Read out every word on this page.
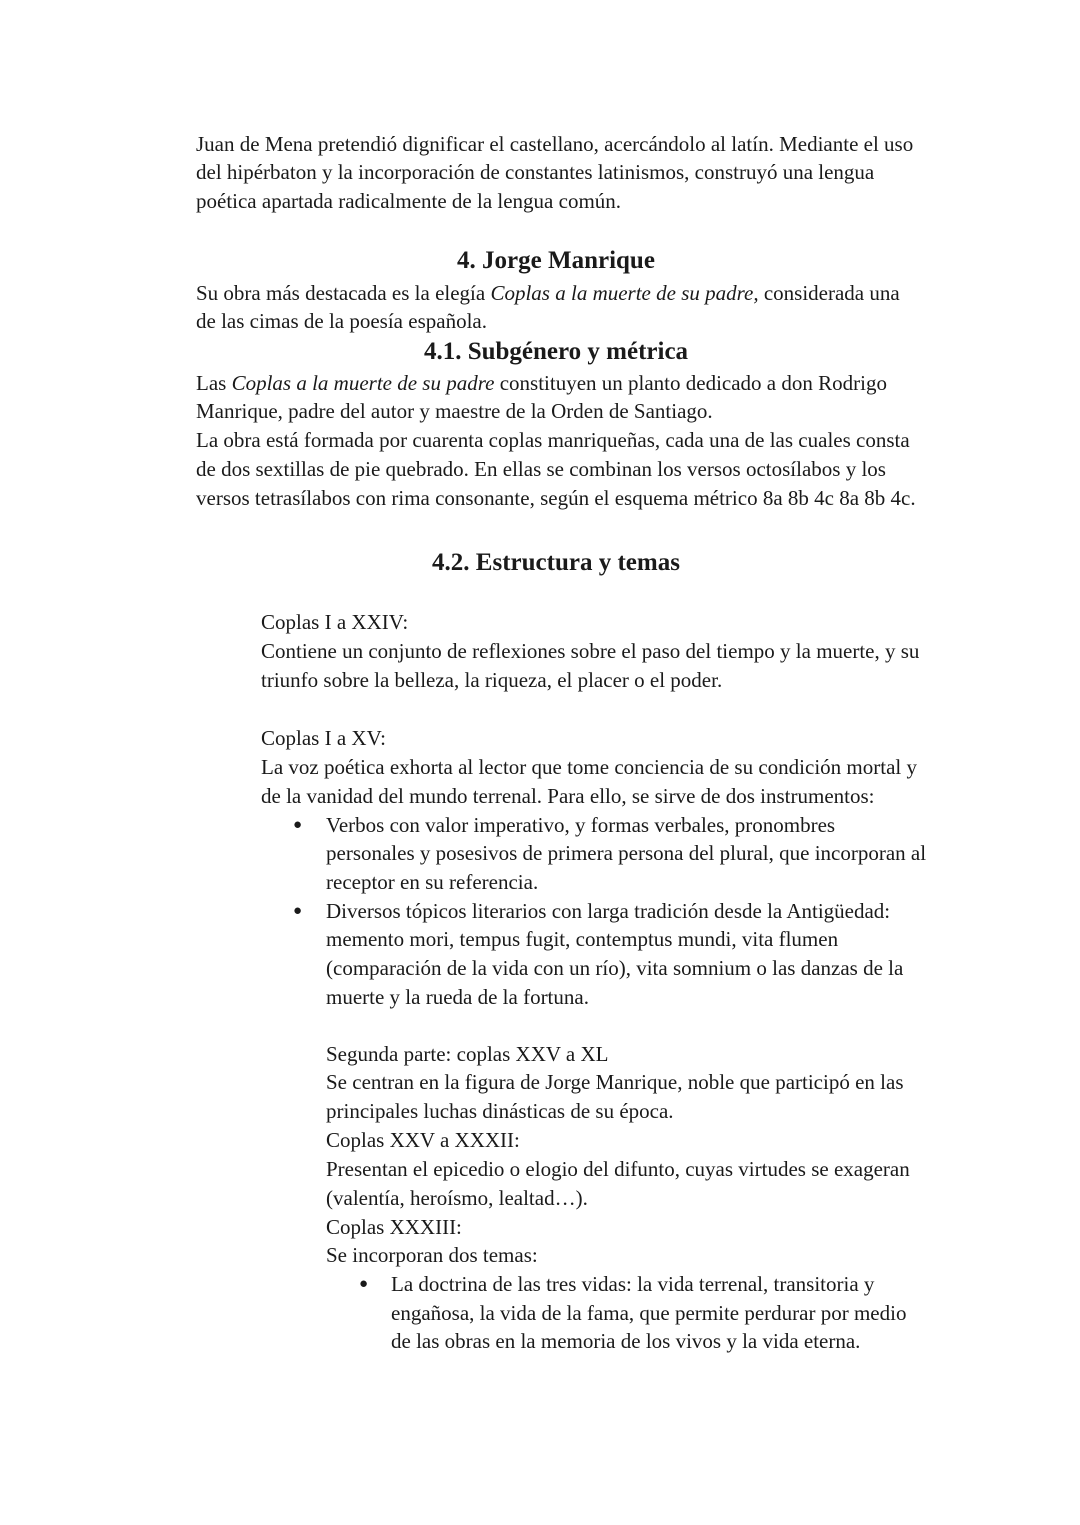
Juan de Mena pretendió dignificar el castellano, acercándolo al latín. Mediante el uso
del hipérbaton y la incorporación de constantes latinismos, construyó una lengua
poética apartada radicalmente de la lengua común.
4. Jorge Manrique
Su obra más destacada es la elegía Coplas a la muerte de su padre, considerada una
de las cimas de la poesía española.
4.1. Subgénero y métrica
Las Coplas a la muerte de su padre constituyen un planto dedicado a don Rodrigo
Manrique, padre del autor y maestre de la Orden de Santiago.
La obra está formada por cuarenta coplas manriqueñas, cada una de las cuales consta
de dos sextillas de pie quebrado. En ellas se combinan los versos octosílabos y los
versos tetrasílabos con rima consonante, según el esquema métrico 8a 8b 4c 8a 8b 4c.
4.2. Estructura y temas
Coplas I a XXIV:
Contiene un conjunto de reflexiones sobre el paso del tiempo y la muerte, y su
triunfo sobre la belleza, la riqueza, el placer o el poder.
Coplas I a XV:
La voz poética exhorta al lector que tome conciencia de su condición mortal y
de la vanidad del mundo terrenal. Para ello, se sirve de dos instrumentos:
● Verbos con valor imperativo, y formas verbales, pronombres
personales y posesivos de primera persona del plural, que incorporan al
receptor en su referencia.
● Diversos tópicos literarios con larga tradición desde la Antigüedad:
memento mori, tempus fugit, contemptus mundi, vita flumen
(comparación de la vida con un río), vita somnium o las danzas de la
muerte y la rueda de la fortuna.
Segunda parte: coplas XXV a XL
Se centran en la figura de Jorge Manrique, noble que participó en las
principales luchas dinásticas de su época.
Coplas XXV a XXXII:
Presentan el epicedio o elogio del difunto, cuyas virtudes se exageran
(valentía, heroísmo, lealtad…).
Coplas XXXIII:
Se incorporan dos temas:
● La doctrina de las tres vidas: la vida terrenal, transitoria y
engañosa, la vida de la fama, que permite perdurar por medio
de las obras en la memoria de los vivos y la vida eterna.
